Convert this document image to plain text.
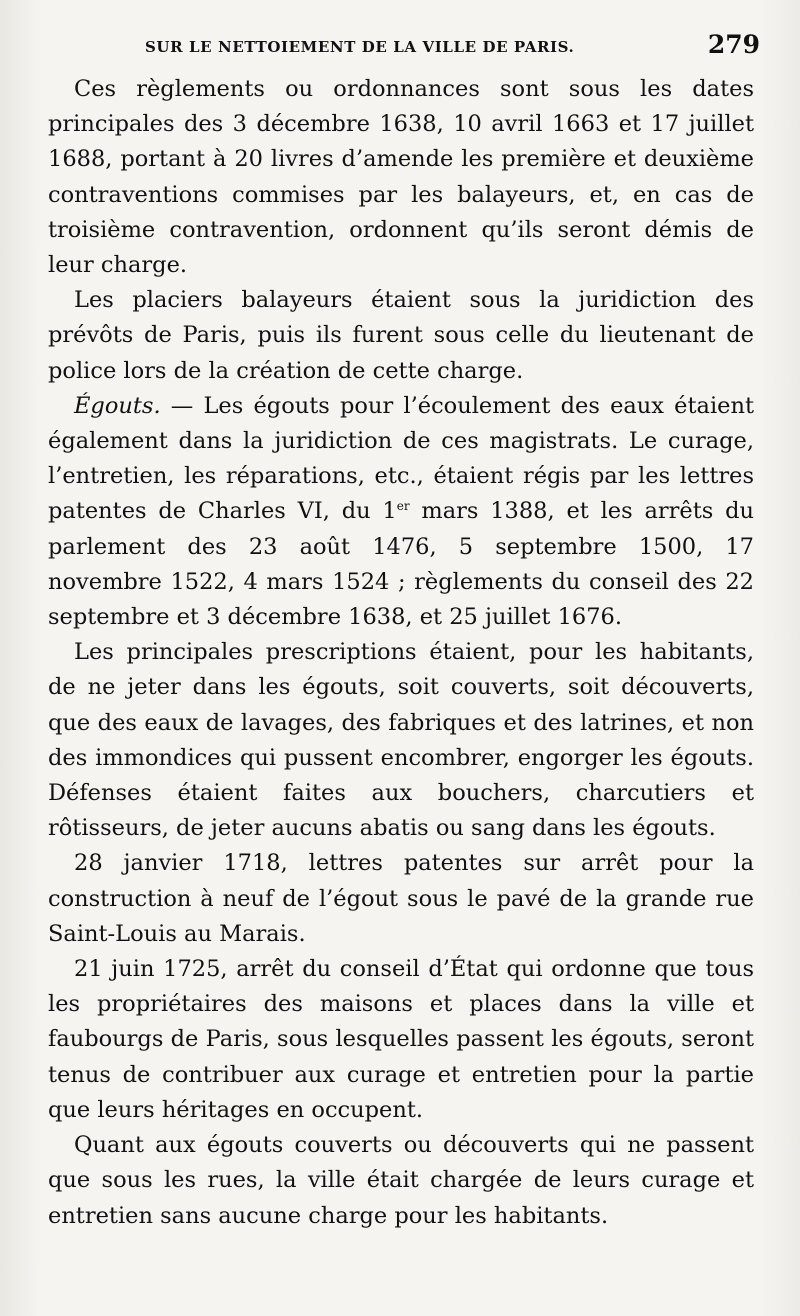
SUR LE NETTOIEMENT DE LA VILLE DE PARIS.	279

Ces règlements ou ordonnances sont sous les dates principales des 3 décembre 1638, 10 avril 1663 et 17 juillet 1688, portant à 20 livres d’amende les première et deuxième contraventions commises par les balayeurs, et, en cas de troisième contravention, ordonnent qu’ils seront démis de leur charge.

Les placiers balayeurs étaient sous la juridiction des prévôts de Paris, puis ils furent sous celle du lieutenant de police lors de la création de cette charge.

Égouts. — Les égouts pour l’écoulement des eaux étaient également dans la juridiction de ces magistrats. Le curage, l’entretien, les réparations, etc., étaient régis par les lettres patentes de Charles VI, du 1er mars 1388, et les arrêts du parlement des 23 août 1476, 5 septembre 1500, 17 novembre 1522, 4 mars 1524 ; règlements du conseil des 22 septembre et 3 décembre 1638, et 25 juillet 1676.

Les principales prescriptions étaient, pour les habitants, de ne jeter dans les égouts, soit couverts, soit découverts, que des eaux de lavages, des fabriques et des latrines, et non des immondices qui pussent encombrer, engorger les égouts. Défenses étaient faites aux bouchers, charcutiers et rôtisseurs, de jeter aucuns abatis ou sang dans les égouts.

28 janvier 1718, lettres patentes sur arrêt pour la construction à neuf de l’égout sous le pavé de la grande rue Saint-Louis au Marais.

21 juin 1725, arrêt du conseil d’État qui ordonne que tous les propriétaires des maisons et places dans la ville et faubourgs de Paris, sous lesquelles passent les égouts, seront tenus de contribuer aux curage et entretien pour la partie que leurs héritages en occupent.

Quant aux égouts couverts ou découverts qui ne passent que sous les rues, la ville était chargée de leurs curage et entretien sans aucune charge pour les habitants.
